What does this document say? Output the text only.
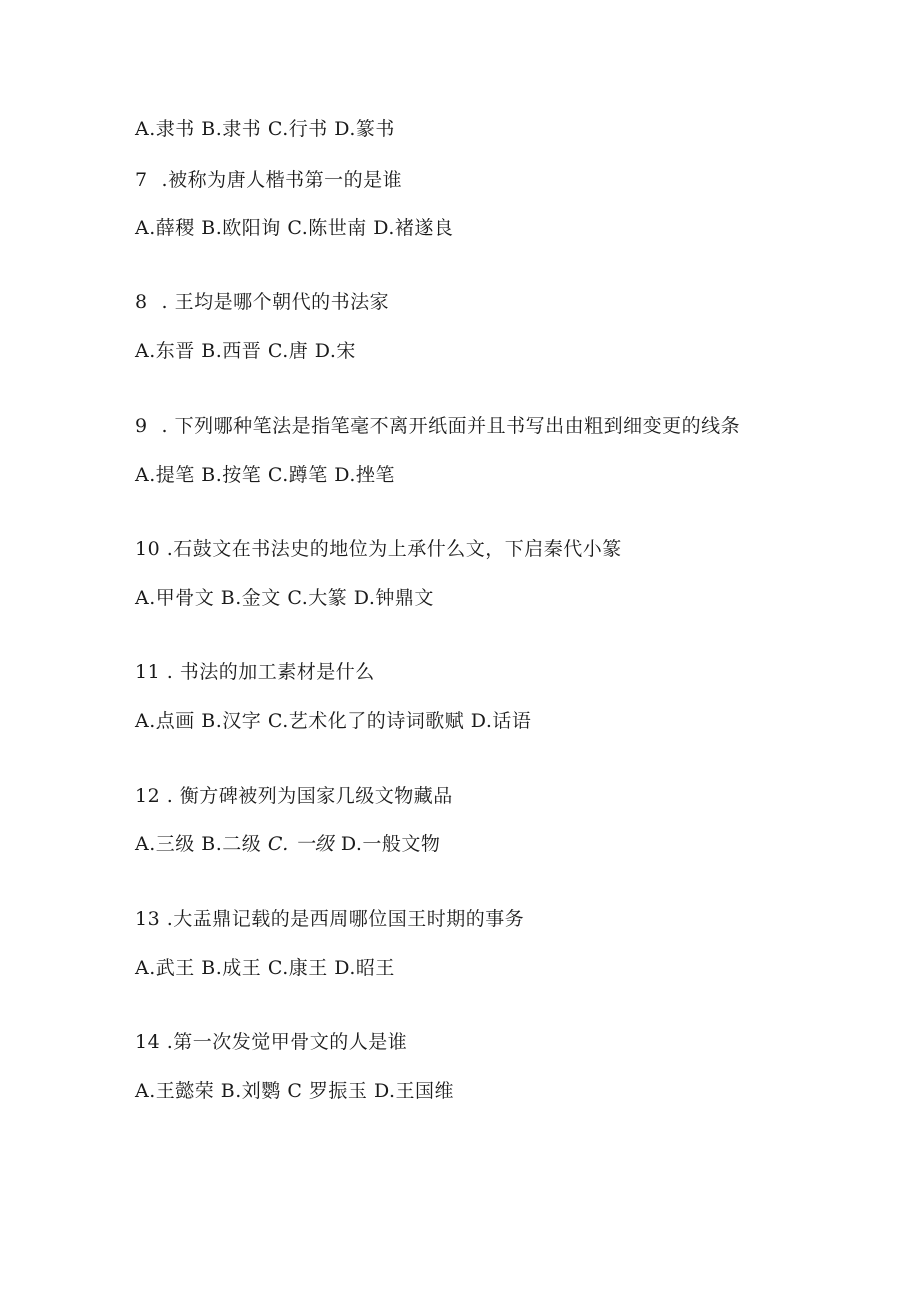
A.隶书 B.隶书 C.行书 D.篆书
7 .被称为唐人楷书第一的是谁
A.薛稷 B.欧阳询 C.陈世南 D.褚遂良
8 . 王均是哪个朝代的书法家
A.东晋 B.西晋 C.唐 D.宋
9 . 下列哪种笔法是指笔毫不离开纸面并且书写出由粗到细变更的线条
A.提笔 B.按笔 C.蹲笔 D.挫笔
10 .石鼓文在书法史的地位为上承什么文，下启秦代小篆
A.甲骨文 B.金文 C.大篆 D.钟鼎文
11 . 书法的加工素材是什么
A.点画 B.汉字 C.艺术化了的诗词歌赋 D.话语
12 . 衡方碑被列为国家几级文物藏品
A.三级 B.二级 C. 一级 D.一般文物
13 .大盂鼎记载的是西周哪位国王时期的事务
A.武王 B.成王 C.康王 D.昭王
14 .第一次发觉甲骨文的人是谁
A.王懿荣 B.刘鹦 C 罗振玉 D.王国维
